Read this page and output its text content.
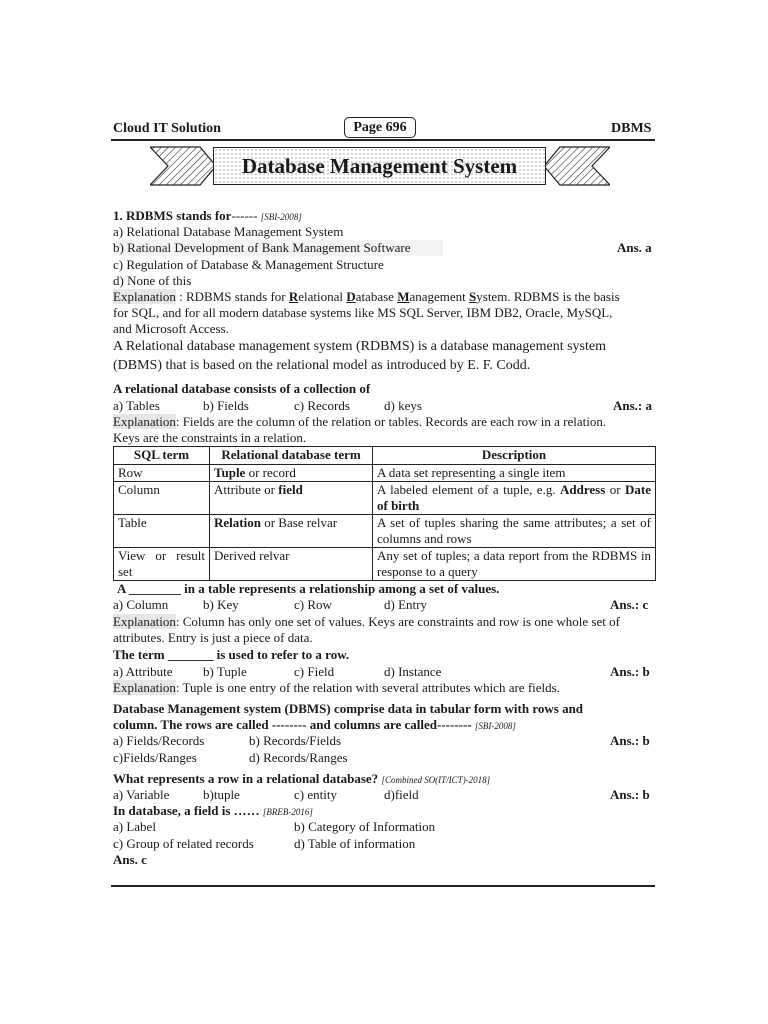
Cloud IT Solution	Page 696	DBMS
Database Management System
1. RDBMS stands for------ [SBI-2008]
a) Relational Database Management System
b) Rational Development of Bank Management Software	Ans. a
c) Regulation of Database & Management Structure
d) None of this
Explanation : RDBMS stands for Relational Database Management System. RDBMS is the basis
for SQL, and for all modern database systems like MS SQL Server, IBM DB2, Oracle, MySQL,
and Microsoft Access.
A Relational database management system (RDBMS) is a database management system
(DBMS) that is based on the relational model as introduced by E. F. Codd.
A relational database consists of a collection of
a) Tables	b) Fields	c) Records	d) keys	Ans.: a
Explanation: Fields are the column of the relation or tables. Records are each row in a relation.
Keys are the constraints in a relation.
SQL term	Relational database term	Description
Row	Tuple or record	A data set representing a single item
Column	Attribute or field	A labeled element of a tuple, e.g. Address or Date of birth
Table	Relation or Base relvar	A set of tuples sharing the same attributes; a set of columns and rows
View or result set	Derived relvar	Any set of tuples; a data report from the RDBMS in response to a query
A ________ in a table represents a relationship among a set of values.
a) Column	b) Key	c) Row	d) Entry	Ans.: c
Explanation: Column has only one set of values. Keys are constraints and row is one whole set of
attributes. Entry is just a piece of data.
The term _______ is used to refer to a row.
a) Attribute b) Tuple	c) Field	d) Instance	Ans.: b
Explanation: Tuple is one entry of the relation with several attributes which are fields.
Database Management system (DBMS) comprise data in tabular form with rows and
column. The rows are called -------- and columns are called-------- [SBI-2008]
a) Fields/Records	b) Records/Fields	Ans.: b
c)Fields/Ranges	d) Records/Ranges
What represents a row in a relational database? [Combined SO(IT/ICT)-2018]
a) Variable	b)tuple	c) entity	d)field	Ans.: b
In database, a field is …… [BREB-2016]
a) Label	b) Category of Information
c) Group of related records	d) Table of information
Ans. c
